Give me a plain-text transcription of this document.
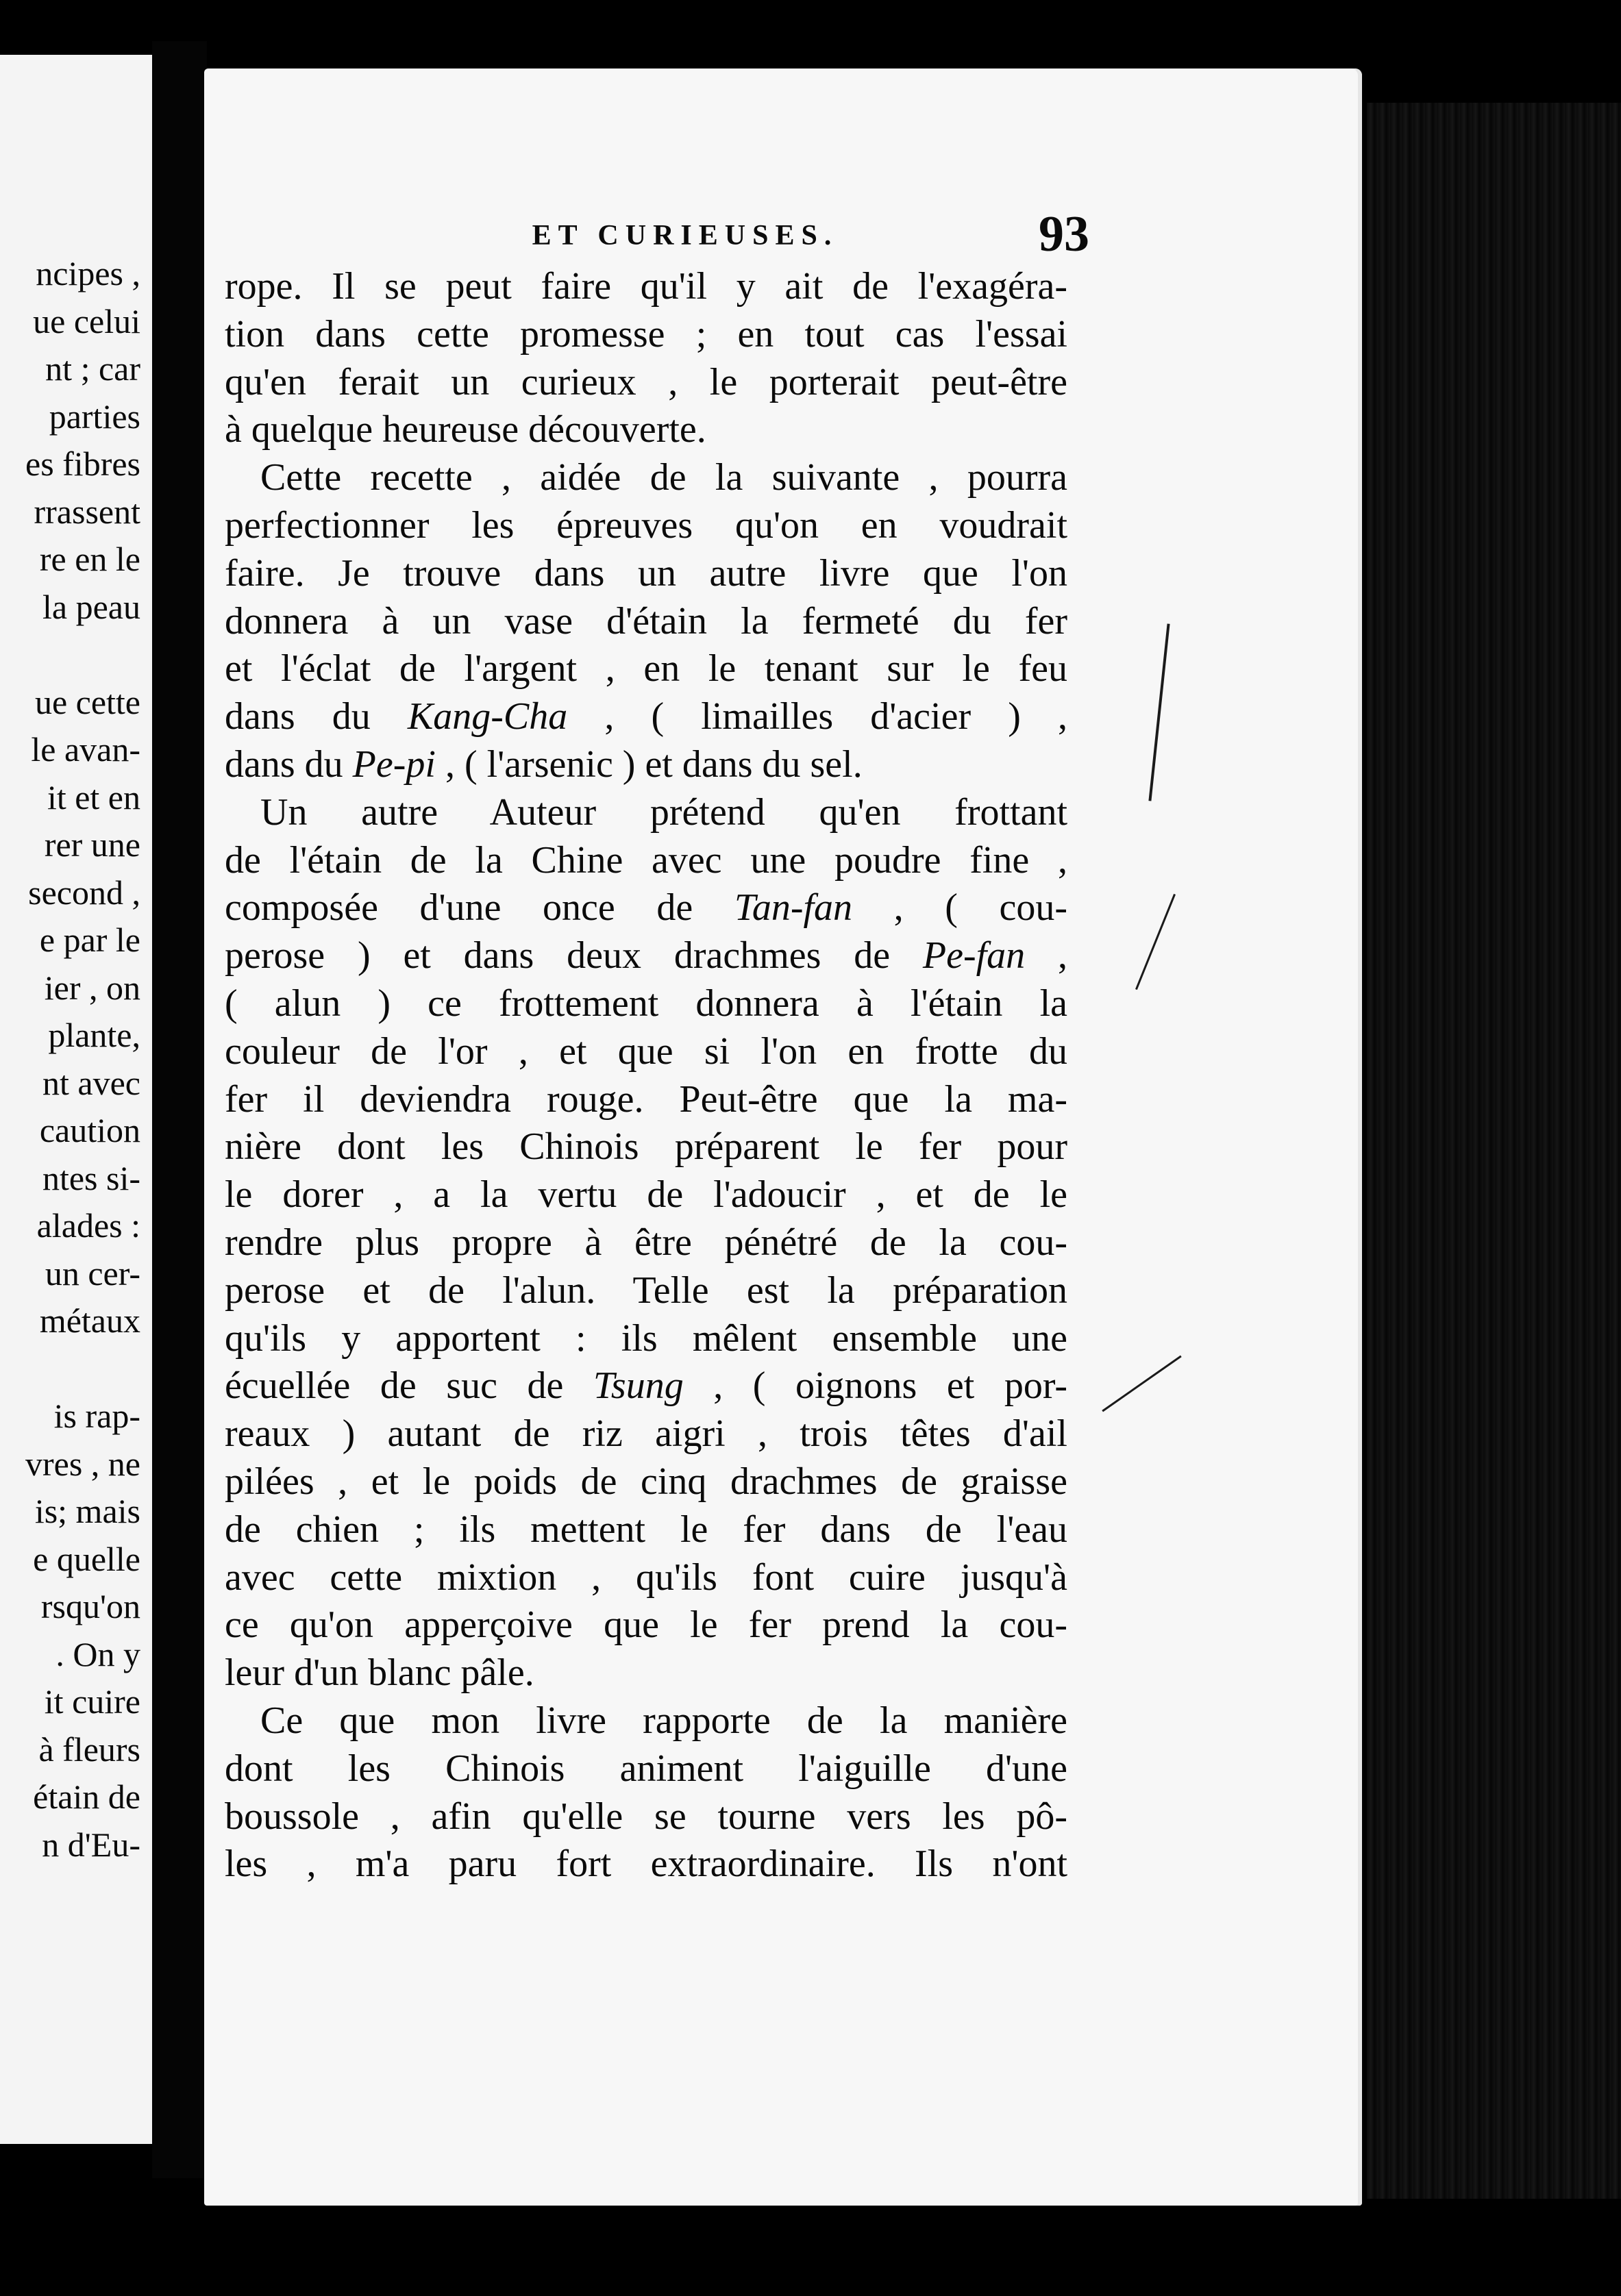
ncipes ,
ue celui
nt ; car
parties
es fibres
rrassent
re en le
la peau
ue cette
le avan-
it et en
rer une
second ,
e par le
ier , on
plante,
nt avec
caution
ntes si-
alades :
un cer-
métaux
is rap-
vres , ne
is; mais
e quelle
rsqu'on
. On y
it cuire
à fleurs
étain de
n d'Eu-
ET CURIEUSES.	93
rope. Il se peut faire qu'il y ait de l'exagéra-
tion dans cette promesse ; en tout cas l'essai
qu'en ferait un curieux , le porterait peut-être
à quelque heureuse découverte.
Cette recette , aidée de la suivante , pourra
perfectionner les épreuves qu'on en voudrait
faire. Je trouve dans un autre livre que l'on
donnera à un vase d'étain la fermeté du fer
et l'éclat de l'argent , en le tenant sur le feu
dans du Kang-Cha , ( limailles d'acier ) ,
dans du Pe-pi , ( l'arsenic ) et dans du sel.
Un autre Auteur prétend qu'en frottant
de l'étain de la Chine avec une poudre fine ,
composée d'une once de Tan-fan , ( cou-
perose ) et dans deux drachmes de Pe-fan ,
( alun ) ce frottement donnera à l'étain la
couleur de l'or , et que si l'on en frotte du
fer il deviendra rouge. Peut-être que la ma-
nière dont les Chinois préparent le fer pour
le dorer , a la vertu de l'adoucir , et de le
rendre plus propre à être pénétré de la cou-
perose et de l'alun. Telle est la préparation
qu'ils y apportent : ils mêlent ensemble une
écuellée de suc de Tsung , ( oignons et por-
reaux ) autant de riz aigri , trois têtes d'ail
pilées , et le poids de cinq drachmes de graisse
de chien ; ils mettent le fer dans de l'eau
avec cette mixtion , qu'ils font cuire jusqu'à
ce qu'on apperçoive que le fer prend la cou-
leur d'un blanc pâle.
Ce que mon livre rapporte de la manière
dont les Chinois animent l'aiguille d'une
boussole , afin qu'elle se tourne vers les pô-
les , m'a paru fort extraordinaire. Ils n'ont
